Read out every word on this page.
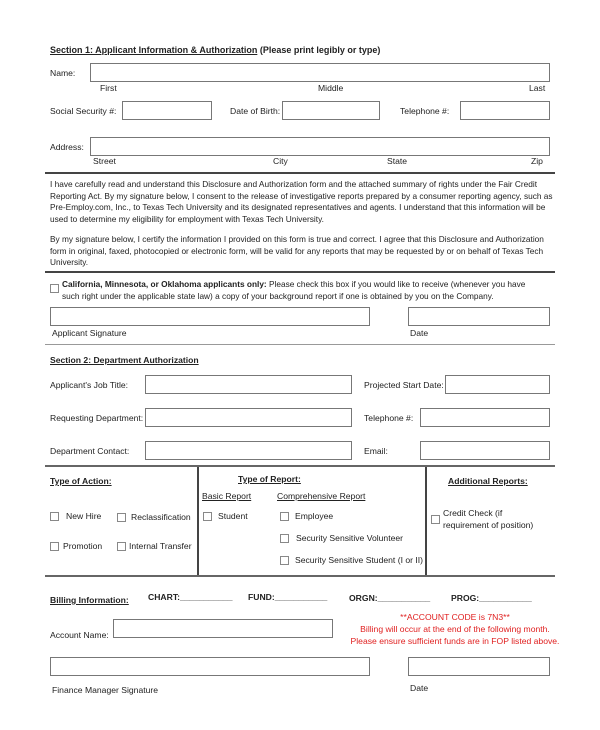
Section 1: Applicant Information & Authorization (Please print legibly or type)
Name:
First	Middle	Last
Social Security #:	Date of Birth:	Telephone #:
Address:
Street	City	State	Zip
I have carefully read and understand this Disclosure and Authorization form and the attached summary of rights under the Fair Credit Reporting Act. By my signature below, I consent to the release of investigative reports prepared by a consumer reporting agency, such as Pre-Employ.com, Inc., to Texas Tech University and its designated representatives and agents. I understand that this information will be used to determine my eligibility for employment with Texas Tech University.
By my signature below, I certify the information I provided on this form is true and correct. I agree that this Disclosure and Authorization form in original, faxed, photocopied or electronic form, will be valid for any reports that may be requested by or on behalf of Texas Tech University.
California, Minnesota, or Oklahoma applicants only: Please check this box if you would like to receive (whenever you have such right under the applicable state law) a copy of your background report if one is obtained by you on the Company.
Applicant Signature	Date
Section 2: Department Authorization
Applicant's Job Title:	Projected Start Date:
Requesting Department:	Telephone #:
Department Contact:	Email:
Type of Action:
New Hire	Reclassification
Promotion	Internal Transfer
Type of Report:
Basic Report	Comprehensive Report
Student	Employee
Security Sensitive Volunteer
Security Sensitive Student (I or II)
Additional Reports:
Credit Check (if
requirement of position)
Billing Information: CHART:___________ FUND:___________	ORGN:___________ PROG:___________
**ACCOUNT CODE is 7N3**
Billing will occur at the end of the following month.
Please ensure sufficient funds are in FOP listed above.
Account Name:
Finance Manager Signature	Date
